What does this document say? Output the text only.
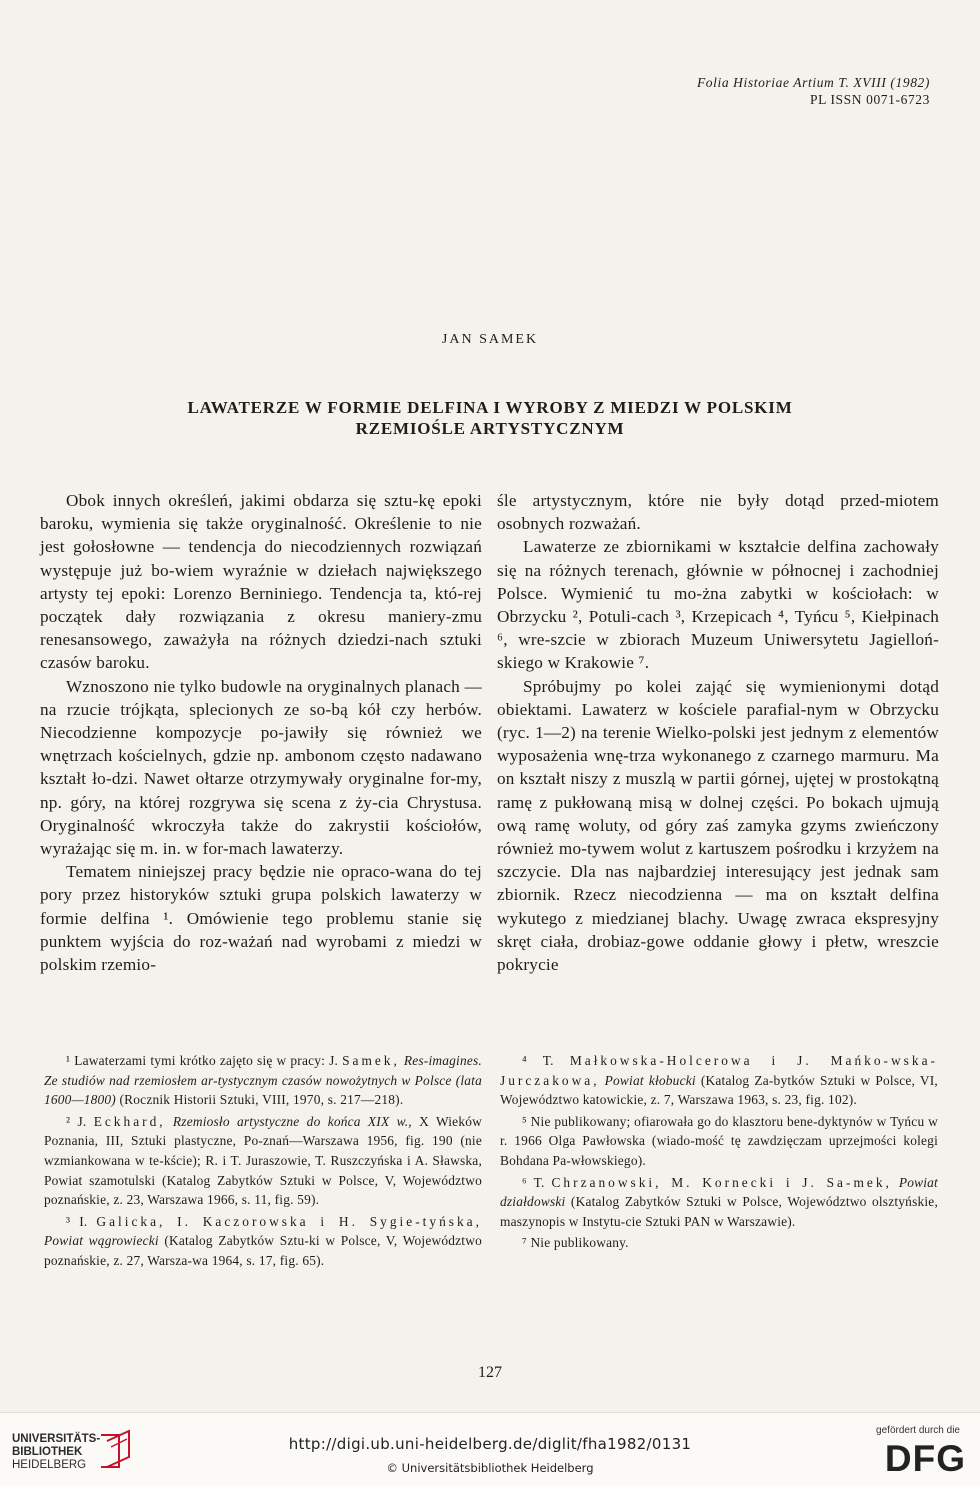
Folia Historiae Artium T. XVIII (1982)
PL ISSN 0071-6723
JAN SAMEK
LAWATERZE W FORMIE DELFINA I WYROBY Z MIEDZI W POLSKIM
RZEMIOŚLE ARTYSTYCZNYM

Obok innych określeń, jakimi obdarza się sztu-kę epoki baroku, wymienia się także oryginalność. Określenie to nie jest gołosłowne — tendencja do niecodziennych rozwiązań występuje już bo-wiem wyraźnie w dziełach największego artysty tej epoki: Lorenzo Berniniego. Tendencja ta, któ-rej początek dały rozwiązania z okresu maniery-zmu renesansowego, zaważyła na różnych dziedzi-nach sztuki czasów baroku.

Wznoszono nie tylko budowle na oryginalnych planach — na rzucie trójkąta, splecionych ze so-bą kół czy herbów. Niecodzienne kompozycje po-jawiły się również we wnętrzach kościelnych, gdzie np. ambonom często nadawano kształt ło-dzi. Nawet ołtarze otrzymywały oryginalne for-my, np. góry, na której rozgrywa się scena z ży-cia Chrystusa. Oryginalność wkroczyła także do zakrystii kościołów, wyrażając się m. in. w for-mach lawaterzy.

Tematem niniejszej pracy będzie nie opraco-wana do tej pory przez historyków sztuki grupa polskich lawaterzy w formie delfina ¹. Omówienie tego problemu stanie się punktem wyjścia do roz-ważań nad wyrobami z miedzi w polskim rzemio-

śle artystycznym, które nie były dotąd przed-miotem osobnych rozważań.

Lawaterze ze zbiornikami w kształcie delfina zachowały się na różnych terenach, głównie w północnej i zachodniej Polsce. Wymienić tu mo-żna zabytki w kościołach: w Obrzycku ², Potuli-cach ³, Krzepicach ⁴, Tyńcu ⁵, Kiełpinach ⁶, wre-szcie w zbiorach Muzeum Uniwersytetu Jagielloń-skiego w Krakowie ⁷.

Spróbujmy po kolei zająć się wymienionymi dotąd obiektami. Lawaterz w kościele parafial-nym w Obrzycku (ryc. 1—2) na terenie Wielko-polski jest jednym z elementów wyposażenia wnę-trza wykonanego z czarnego marmuru. Ma on kształt niszy z muszlą w partii górnej, ujętej w prostokątną ramę z pukłowaną misą w dolnej części. Po bokach ujmują ową ramę woluty, od góry zaś zamyka gzyms zwieńczony również mo-tywem wolut z kartuszem pośrodku i krzyżem na szczycie. Dla nas najbardziej interesujący jest jednak sam zbiornik. Rzecz niecodzienna — ma on kształt delfina wykutego z miedzianej blachy. Uwagę zwraca ekspresyjny skręt ciała, drobiaz-gowe oddanie głowy i płetw, wreszcie pokrycie

¹ Lawaterzami tymi krótko zajęto się w pracy: J. Samek, Res-imagines. Ze studiów nad rzemiosłem ar-tystycznym czasów nowożytnych w Polsce (lata 1600—1800) (Rocznik Historii Sztuki, VIII, 1970, s. 217—218).

² J. Eckhard, Rzemiosło artystyczne do końca XIX w., X Wieków Poznania, III, Sztuki plastyczne, Po-znań—Warszawa 1956, fig. 190 (nie wzmiankowana w te-kście); R. i T. Juraszowie, T. Ruszczyńska i A. Sławska, Powiat szamotulski (Katalog Zabytków Sztuki w Polsce, V, Województwo poznańskie, z. 23, Warszawa 1966, s. 11, fig. 59).

³ I. Galicka, I. Kaczorowska i H. Sygie-tyńska, Powiat wągrowiecki (Katalog Zabytków Sztu-ki w Polsce, V, Województwo poznańskie, z. 27, Warsza-wa 1964, s. 17, fig. 65).

⁴ T. Małkowska-Holcerowa i J. Mańko-wska-Jurczakowa, Powiat kłobucki (Katalog Za-bytków Sztuki w Polsce, VI, Województwo katowickie, z. 7, Warszawa 1963, s. 23, fig. 102).

⁵ Nie publikowany; ofiarowała go do klasztoru bene-dyktynów w Tyńcu w r. 1966 Olga Pawłowska (wiado-mość tę zawdzięczam uprzejmości kolegi Bohdana Pa-włowskiego).

⁶ T. Chrzanowski, M. Kornecki i J. Sa-mek, Powiat działdowski (Katalog Zabytków Sztuki w Polsce, Województwo olsztyńskie, maszynopis w Instytu-cie Sztuki PAN w Warszawie).

⁷ Nie publikowany.

127
UNIVERSITÄTS-
BIBLIOTHEK
HEIDELBERG
http://digi.ub.uni-heidelberg.de/diglit/fha1982/0131
© Universitätsbibliothek Heidelberg
gefördert durch die
DFG
